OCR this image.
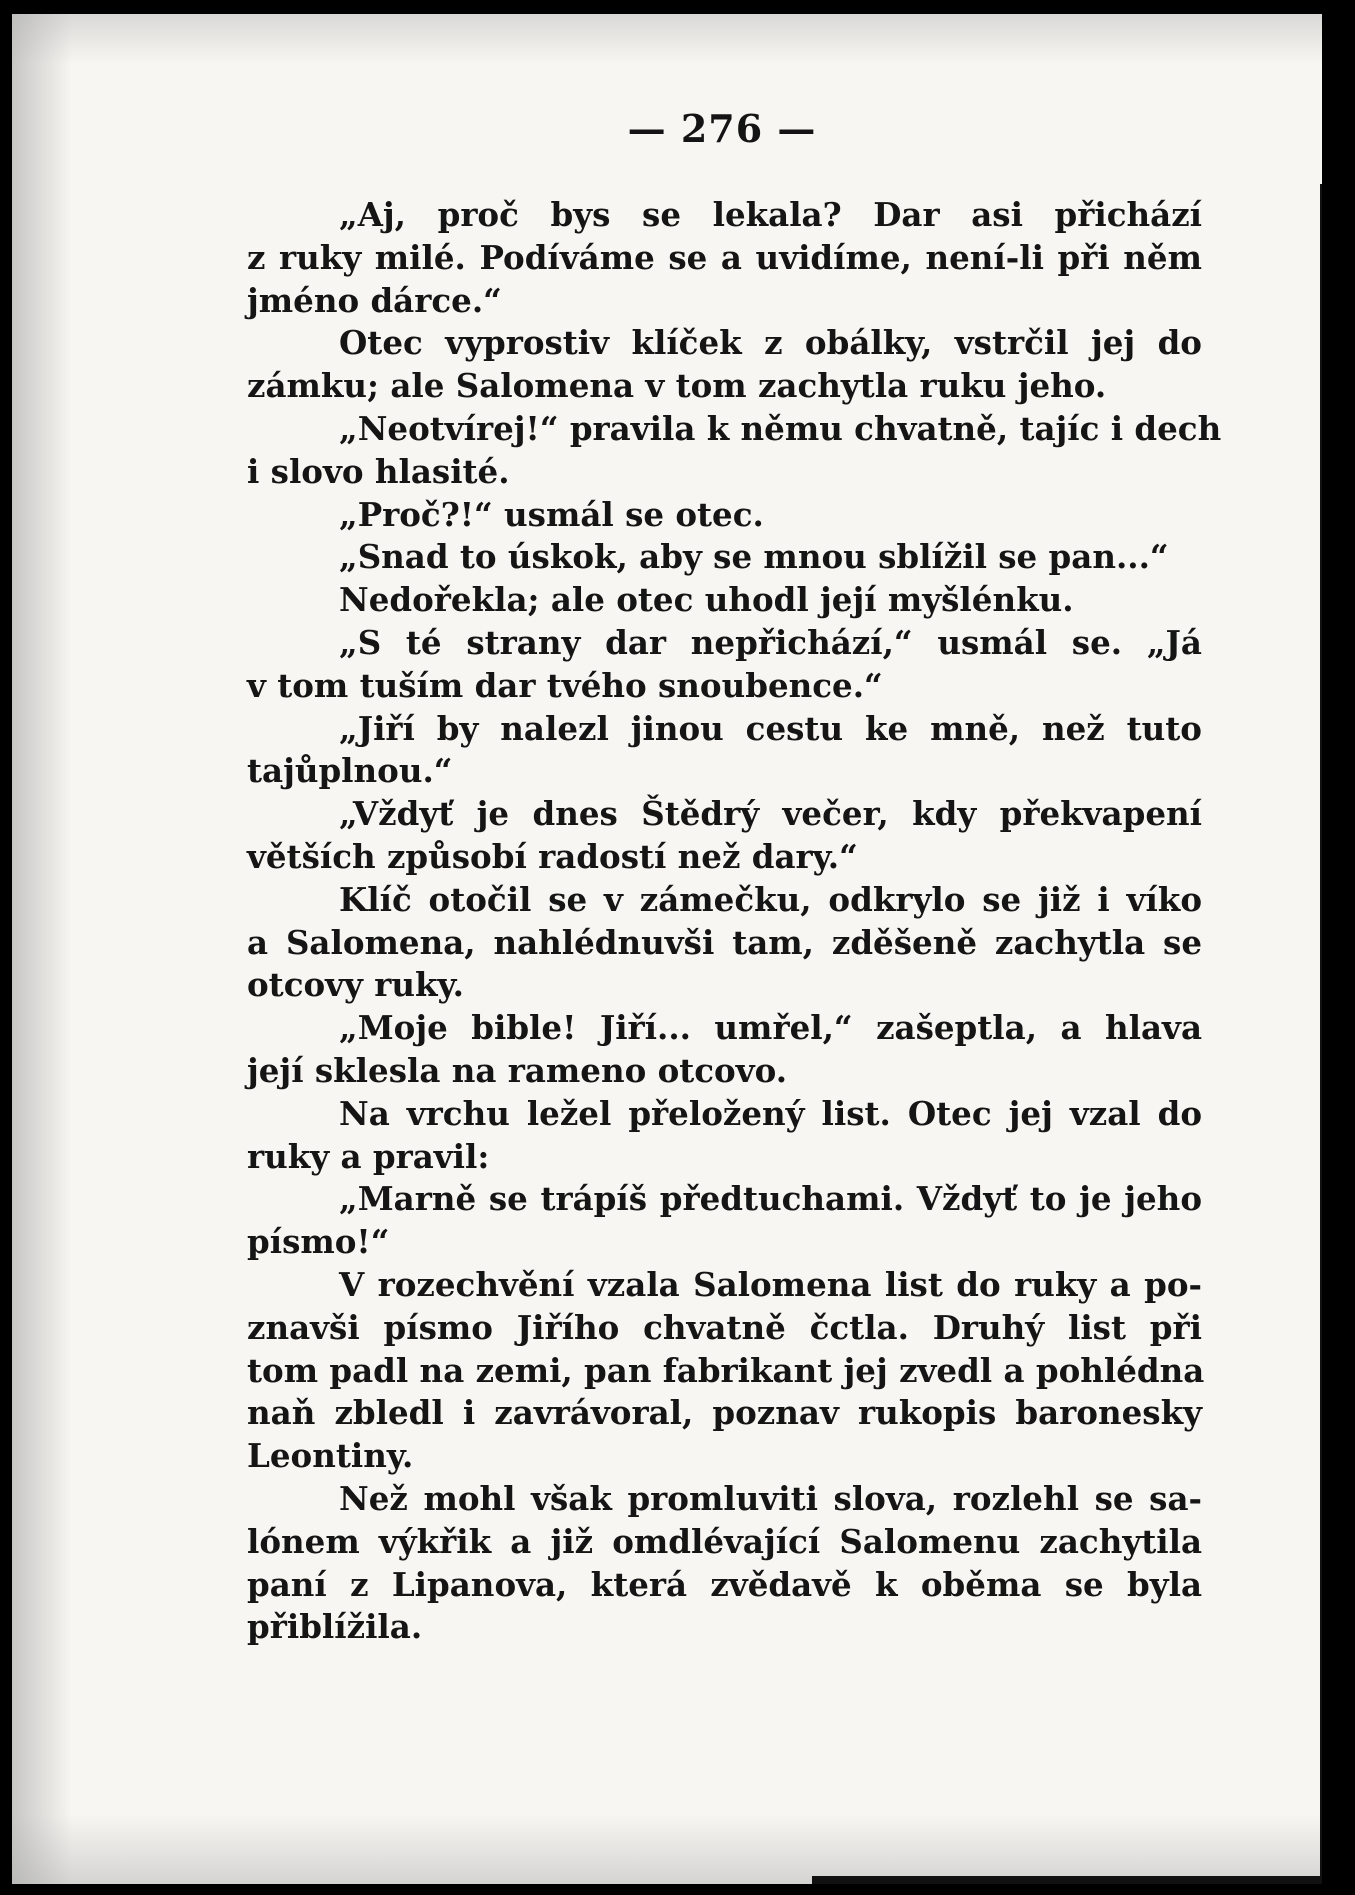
— 276 —
„Aj, proč bys se lekala? Dar asi přichází
z ruky milé. Podíváme se a uvidíme, není-li při něm
jméno dárce.“
Otec vyprostiv klíček z obálky, vstrčil jej do
zámku; ale Salomena v tom zachytla ruku jeho.
„Neotvírej!“ pravila k němu chvatně, tajíc i dech
i slovo hlasité.
„Proč?!“ usmál se otec.
„Snad to úskok, aby se mnou sblížil se pan...“
Nedořekla; ale otec uhodl její myšlénku.
„S té strany dar nepřichází,“ usmál se. „Já
v tom tuším dar tvého snoubence.“
„Jiří by nalezl jinou cestu ke mně, než tuto
tajůplnou.“
„Vždyť je dnes Štědrý večer, kdy překvapení
větších způsobí radostí než dary.“
Klíč otočil se v zámečku, odkrylo se již i víko
a Salomena, nahlédnuvši tam, zděšeně zachytla se
otcovy ruky.
„Moje bible! Jiří... umřel,“ zašeptla, a hlava
její sklesla na rameno otcovo.
Na vrchu ležel přeložený list. Otec jej vzal do
ruky a pravil:
„Marně se trápíš předtuchami. Vždyť to je jeho
písmo!“
V rozechvění vzala Salomena list do ruky a po-
znavši písmo Jiřího chvatně čctla. Druhý list při
tom padl na zemi, pan fabrikant jej zvedl a pohlédna
naň zbledl i zavrávoral, poznav rukopis baronesky
Leontiny.
Než mohl však promluviti slova, rozlehl se sa-
lónem výkřik a již omdlévající Salomenu zachytila
paní z Lipanova, která zvědavě k oběma se byla
přiblížila.
